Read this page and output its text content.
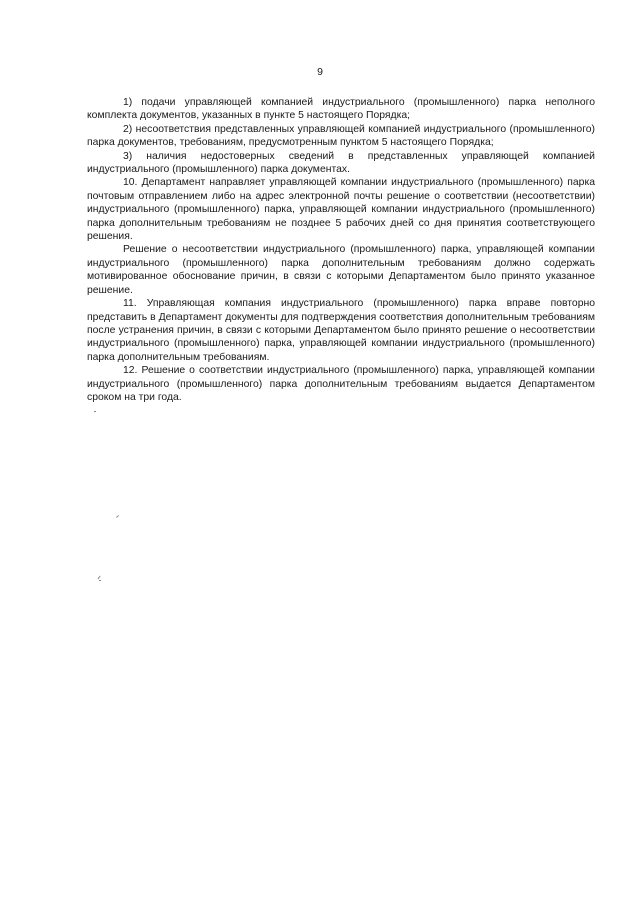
9

1) подачи управляющей компанией индустриального (промышленного) парка неполного комплекта документов, указанных в пункте 5 настоящего Порядка;

2) несоответствия представленных управляющей компанией индустриального (промышленного) парка документов, требованиям, предусмотренным пунктом 5 настоящего Порядка;

3) наличия недостоверных сведений в представленных управляющей компанией индустриального (промышленного) парка документах.

10. Департамент направляет управляющей компании индустриального (промышленного) парка почтовым отправлением либо на адрес электронной почты решение о соответствии (несоответствии) индустриального (промышленного) парка, управляющей компании индустриального (промышленного) парка дополнительным требованиям не позднее 5 рабочих дней со дня принятия соответствующего решения.

Решение о несоответствии индустриального (промышленного) парка, управляющей компании индустриального (промышленного) парка дополнительным требованиям должно содержать мотивированное обоснование причин, в связи с которыми Департаментом было принято указанное решение.

11. Управляющая компания индустриального (промышленного) парка вправе повторно представить в Департамент документы для подтверждения соответствия дополнительным требованиям после устранения причин, в связи с которыми Департаментом было принято решение о несоответствии индустриального (промышленного) парка, управляющей компании индустриального (промышленного) парка дополнительным требованиям.

12. Решение о соответствии индустриального (промышленного) парка, управляющей компании индустриального (промышленного) парка дополнительным требованиям выдается Департаментом сроком на три года.
